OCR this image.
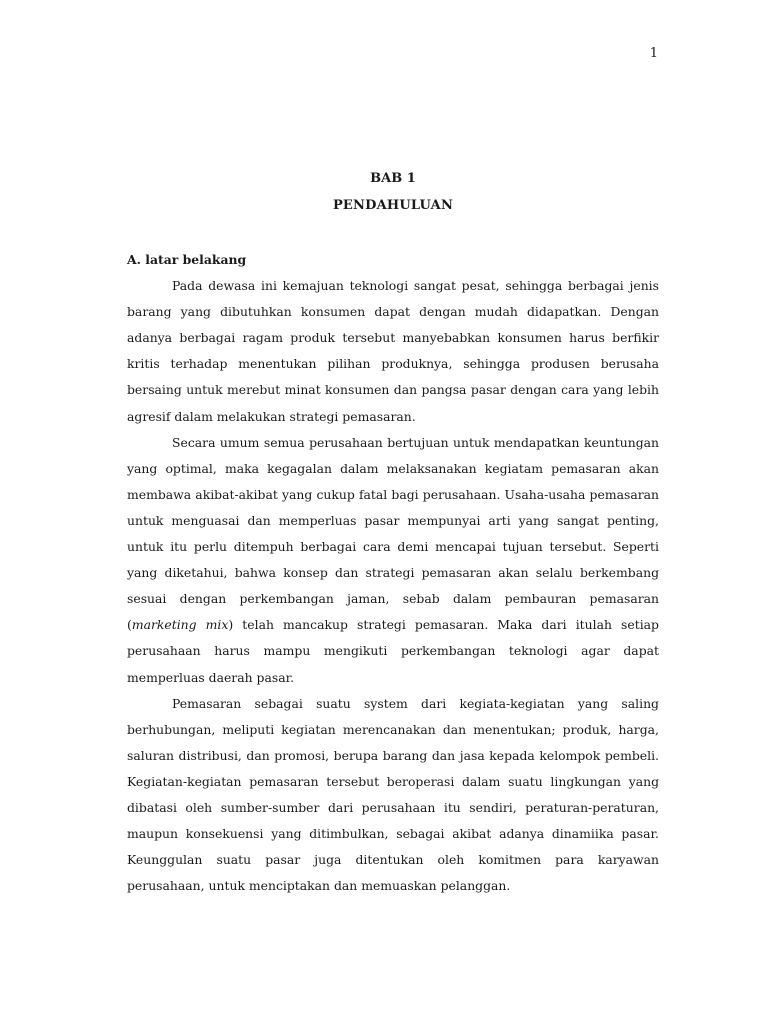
1
BAB 1
PENDAHULUAN

A. latar belakang

Pada dewasa ini kemajuan teknologi sangat pesat, sehingga berbagai jenis barang yang dibutuhkan konsumen dapat dengan mudah didapatkan. Dengan adanya berbagai ragam produk tersebut manyebabkan konsumen harus berfikir kritis terhadap menentukan pilihan produknya, sehingga produsen berusaha bersaing untuk merebut minat konsumen dan pangsa pasar dengan cara yang lebih agresif dalam melakukan strategi pemasaran.

Secara umum semua perusahaan bertujuan untuk mendapatkan keuntungan yang optimal, maka kegagalan dalam melaksanakan kegiatam pemasaran akan membawa akibat-akibat yang cukup fatal bagi perusahaan. Usaha-usaha pemasaran untuk menguasai dan memperluas pasar mempunyai arti yang sangat penting, untuk itu perlu ditempuh berbagai cara demi mencapai tujuan tersebut. Seperti yang diketahui, bahwa konsep dan strategi pemasaran akan selalu berkembang sesuai dengan perkembangan jaman, sebab dalam pembauran pemasaran (marketing mix) telah mancakup strategi pemasaran. Maka dari itulah setiap perusahaan harus mampu mengikuti perkembangan teknologi agar dapat memperluas daerah pasar.

Pemasaran sebagai suatu system dari kegiata-kegiatan yang saling berhubungan, meliputi kegiatan merencanakan dan menentukan; produk, harga, saluran distribusi, dan promosi, berupa barang dan jasa kepada kelompok pembeli. Kegiatan-kegiatan pemasaran tersebut beroperasi dalam suatu lingkungan yang dibatasi oleh sumber-sumber dari perusahaan itu sendiri, peraturan-peraturan, maupun konsekuensi yang ditimbulkan, sebagai akibat adanya dinamiika pasar. Keunggulan suatu pasar juga ditentukan oleh komitmen para karyawan perusahaan, untuk menciptakan dan memuaskan pelanggan.
